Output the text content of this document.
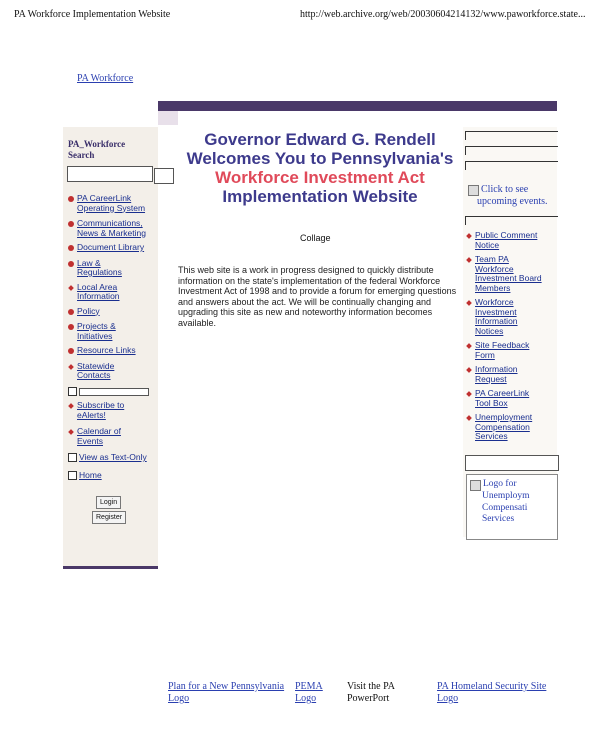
PA Workforce Implementation Website	http://web.archive.org/web/20030604214132/www.paworkforce.state...
PA Workforce
PA_Workforce
Search
PA CareerLink
Operating System
Communications,
News & Marketing
Document Library
Law &
Regulations
Local Area
Information
Policy
Projects &
Initiatives
Resource Links
Statewide
Contacts
Subscribe to
eAlerts!
Calendar of
Events
View as Text-Only
Home
Login
Register
Governor Edward G. Rendell
Welcomes You to Pennsylvania's
Workforce Investment Act
Implementation Website
Collage
This web site is a work in progress designed to quickly distribute information on the state's implementation of the federal Workforce Investment Act of 1998 and to provide a forum for emerging questions and answers about the act. We will be continually changing and upgrading this site as new and noteworthy information becomes available.
Click to see
upcoming events.
Public Comment
Notice
Team PA
Workforce
Investment Board
Members
Workforce
Investment
Information
Notices
Site Feedback
Form
Information
Request
PA CareerLink
Tool Box
Unemployment
Compensation
Services
Logo for
Unemploym
Compensati
Services
Plan for a New Pennsylvania
Logo
PEMA
Logo
Visit the PA
PowerPort
PA Homeland Security Site
Logo
